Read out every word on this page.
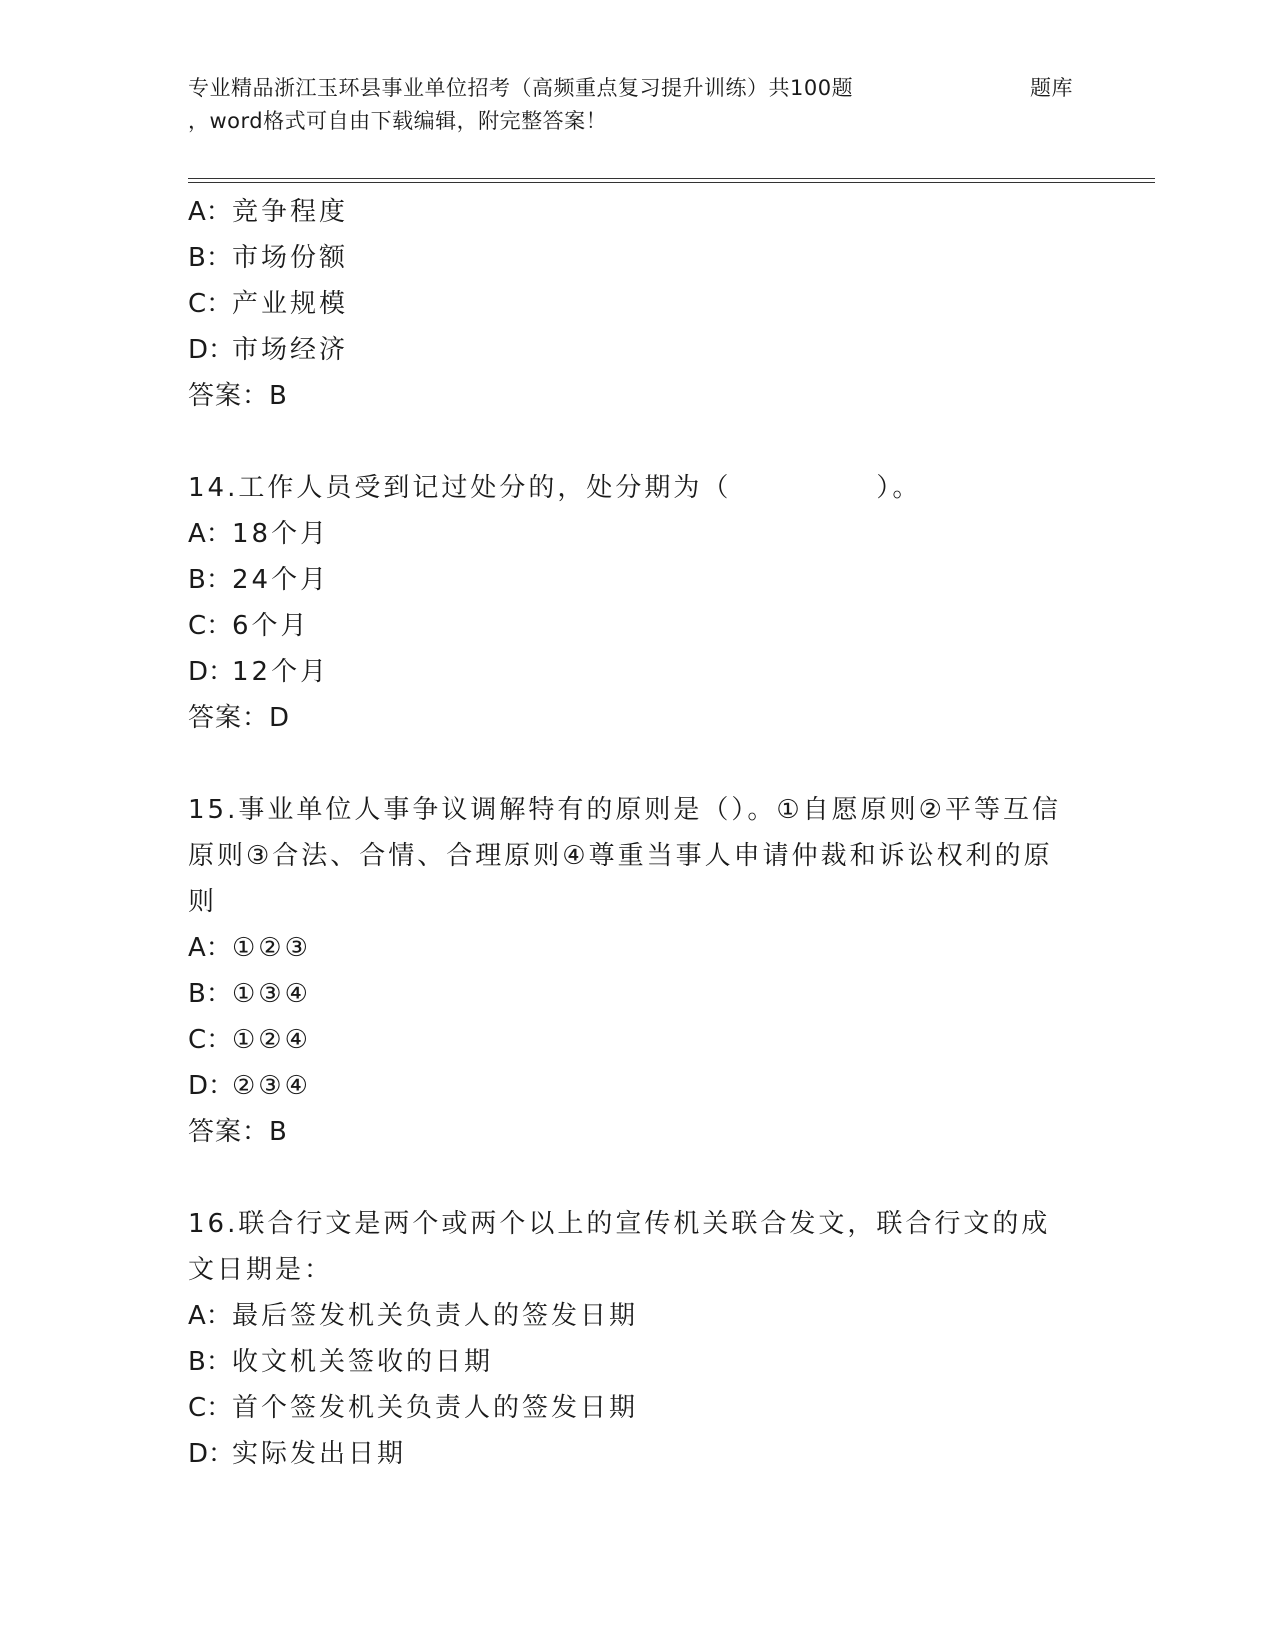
专业精品浙江玉环县事业单位招考（高频重点复习提升训练）共100题	题库
，word格式可自由下载编辑，附完整答案！

A：竞争程度

B：市场份额

C：产业规模

D：市场经济

答案：B

14.工作人员受到记过处分的，处分期为（　　　　　）。

A：18个月

B：24个月

C：6个月

D：12个月

答案：D

15.事业单位人事争议调解特有的原则是（）。①自愿原则②平等互信原则③合法、合情、合理原则④尊重当事人申请仲裁和诉讼权利的原则

A：①②③

B：①③④

C：①②④

D：②③④

答案：B

16.联合行文是两个或两个以上的宣传机关联合发文，联合行文的成文日期是：

A：最后签发机关负责人的签发日期

B：收文机关签收的日期

C：首个签发机关负责人的签发日期

D：实际发出日期
